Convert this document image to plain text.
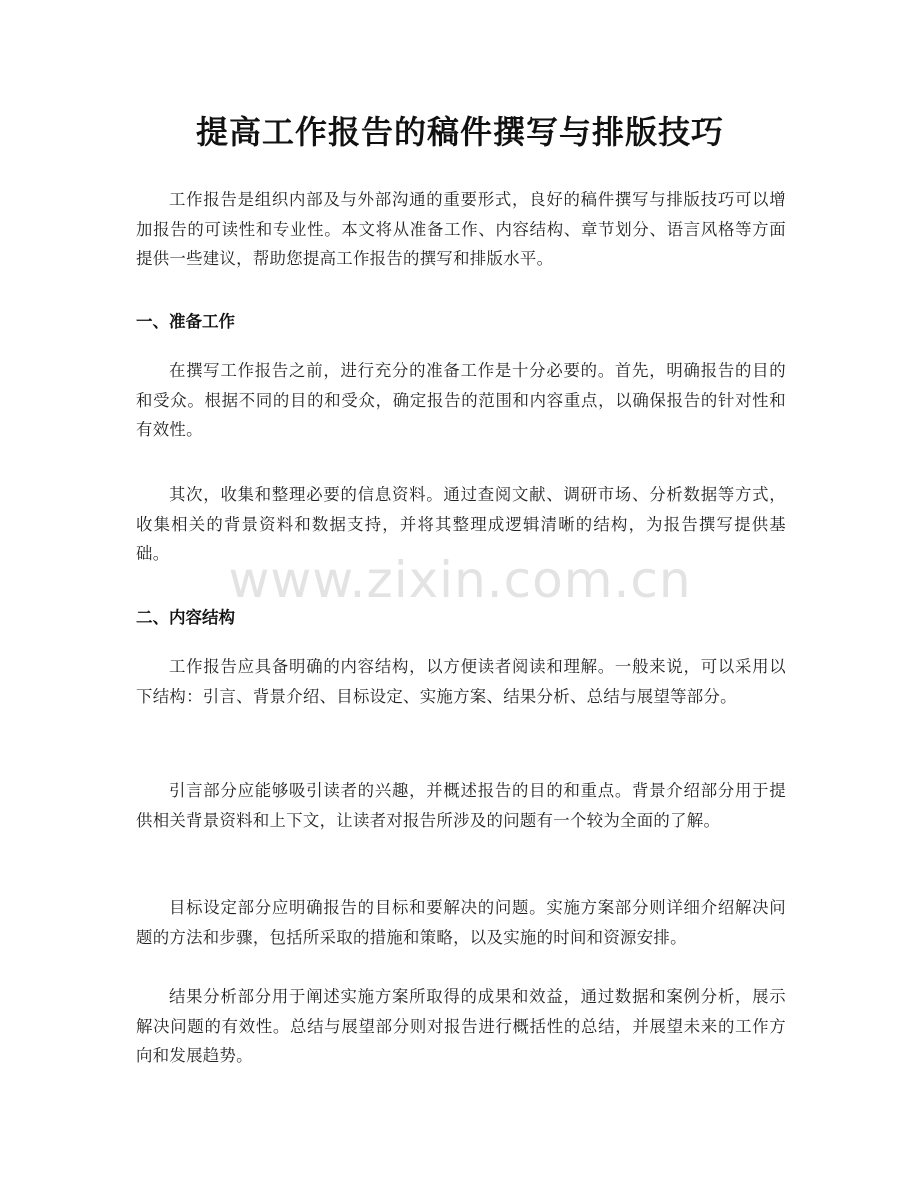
www.zixin.com.cn
提高工作报告的稿件撰写与排版技巧

工作报告是组织内部及与外部沟通的重要形式，良好的稿件撰写与排版技巧可以增加报告的可读性和专业性。本文将从准备工作、内容结构、章节划分、语言风格等方面提供一些建议，帮助您提高工作报告的撰写和排版水平。

一、准备工作

在撰写工作报告之前，进行充分的准备工作是十分必要的。首先，明确报告的目的和受众。根据不同的目的和受众，确定报告的范围和内容重点，以确保报告的针对性和有效性。

其次，收集和整理必要的信息资料。通过查阅文献、调研市场、分析数据等方式，收集相关的背景资料和数据支持，并将其整理成逻辑清晰的结构，为报告撰写提供基础。

二、内容结构

工作报告应具备明确的内容结构，以方便读者阅读和理解。一般来说，可以采用以下结构：引言、背景介绍、目标设定、实施方案、结果分析、总结与展望等部分。

引言部分应能够吸引读者的兴趣，并概述报告的目的和重点。背景介绍部分用于提供相关背景资料和上下文，让读者对报告所涉及的问题有一个较为全面的了解。

目标设定部分应明确报告的目标和要解决的问题。实施方案部分则详细介绍解决问题的方法和步骤，包括所采取的措施和策略，以及实施的时间和资源安排。

结果分析部分用于阐述实施方案所取得的成果和效益，通过数据和案例分析，展示解决问题的有效性。总结与展望部分则对报告进行概括性的总结，并展望未来的工作方向和发展趋势。
